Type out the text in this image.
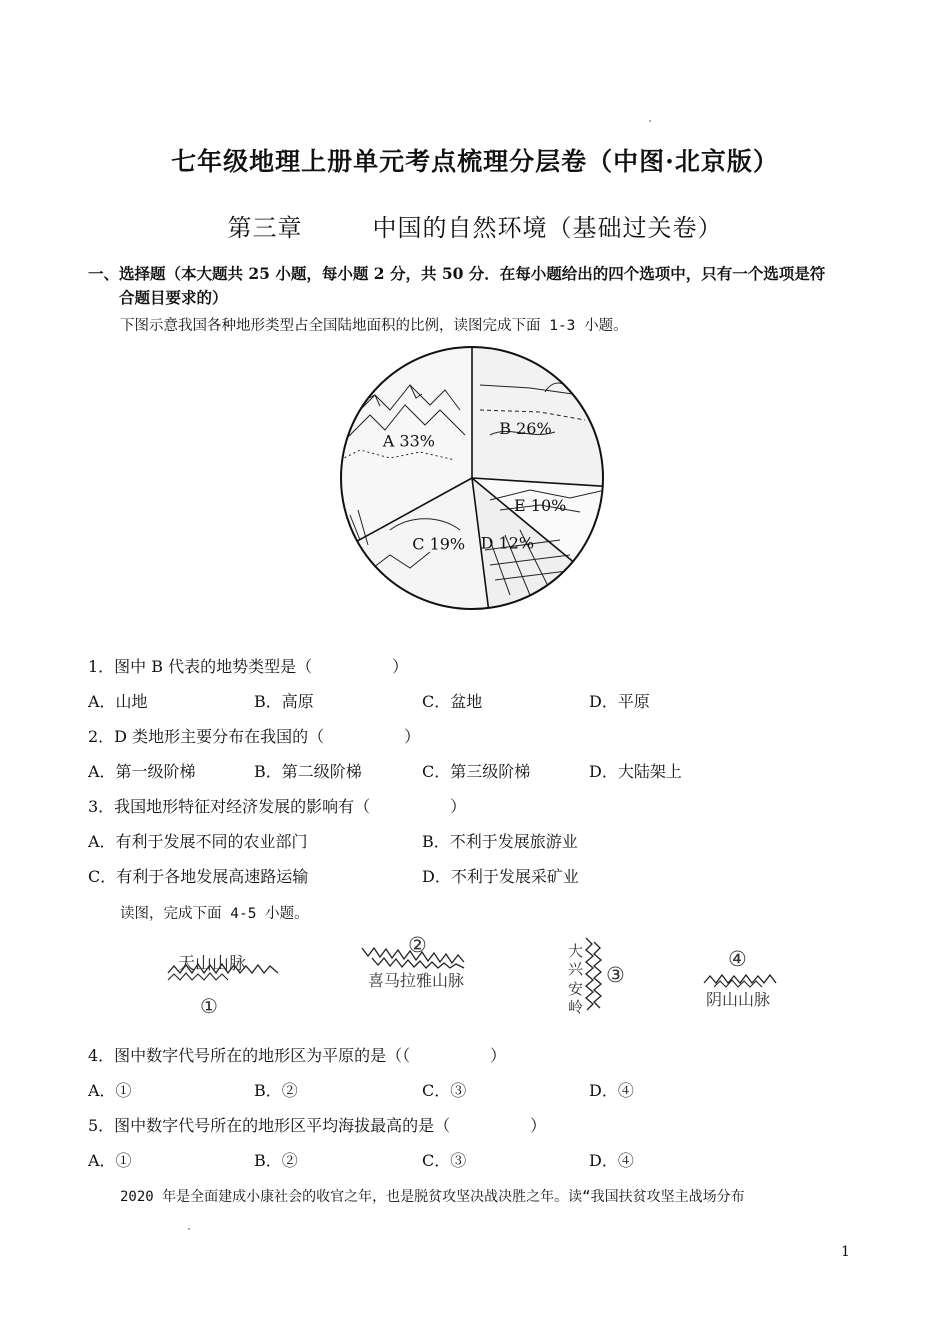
七年级地理上册单元考点梳理分层卷（中图·北京版）
第三章	中国的自然环境（基础过关卷）
一、选择题（本大题共 25 小题，每小题 2 分，共 50 分．在每小题给出的四个选项中，只有一个选项是符
合题目要求的）
下图示意我国各种地形类型占全国陆地面积的比例，读图完成下面 1-3 小题。
B 26%
E 10%
D 12%
C 19%
A 33%
1．图中 B 代表的地势类型是（　　　　　）
A．山地	B．高原	C．盆地	D．平原
2．D 类地形主要分布在我国的（　　　　　）
A．第一级阶梯	B．第二级阶梯	C．第三级阶梯	D．大陆架上
3．我国地形特征对经济发展的影响有（　　　　　）
A．有利于发展不同的农业部门	B．不利于发展旅游业
C．有利于各地发展高速路运输	D．不利于发展采矿业
读图，完成下面 4-5 小题。
天山山脉
①
②
喜马拉雅山脉
大
兴
安
岭
③
④
阴山山脉
4．图中数字代号所在的地形区为平原的是（（　　　　　）
A．①	B．②	C．③	D．④
5．图中数字代号所在的地形区平均海拔最高的是（　　　　　）
A．①	B．②	C．③	D．④
2020 年是全面建成小康社会的收官之年，也是脱贫攻坚决战决胜之年。读“我国扶贫攻坚主战场分布
1
